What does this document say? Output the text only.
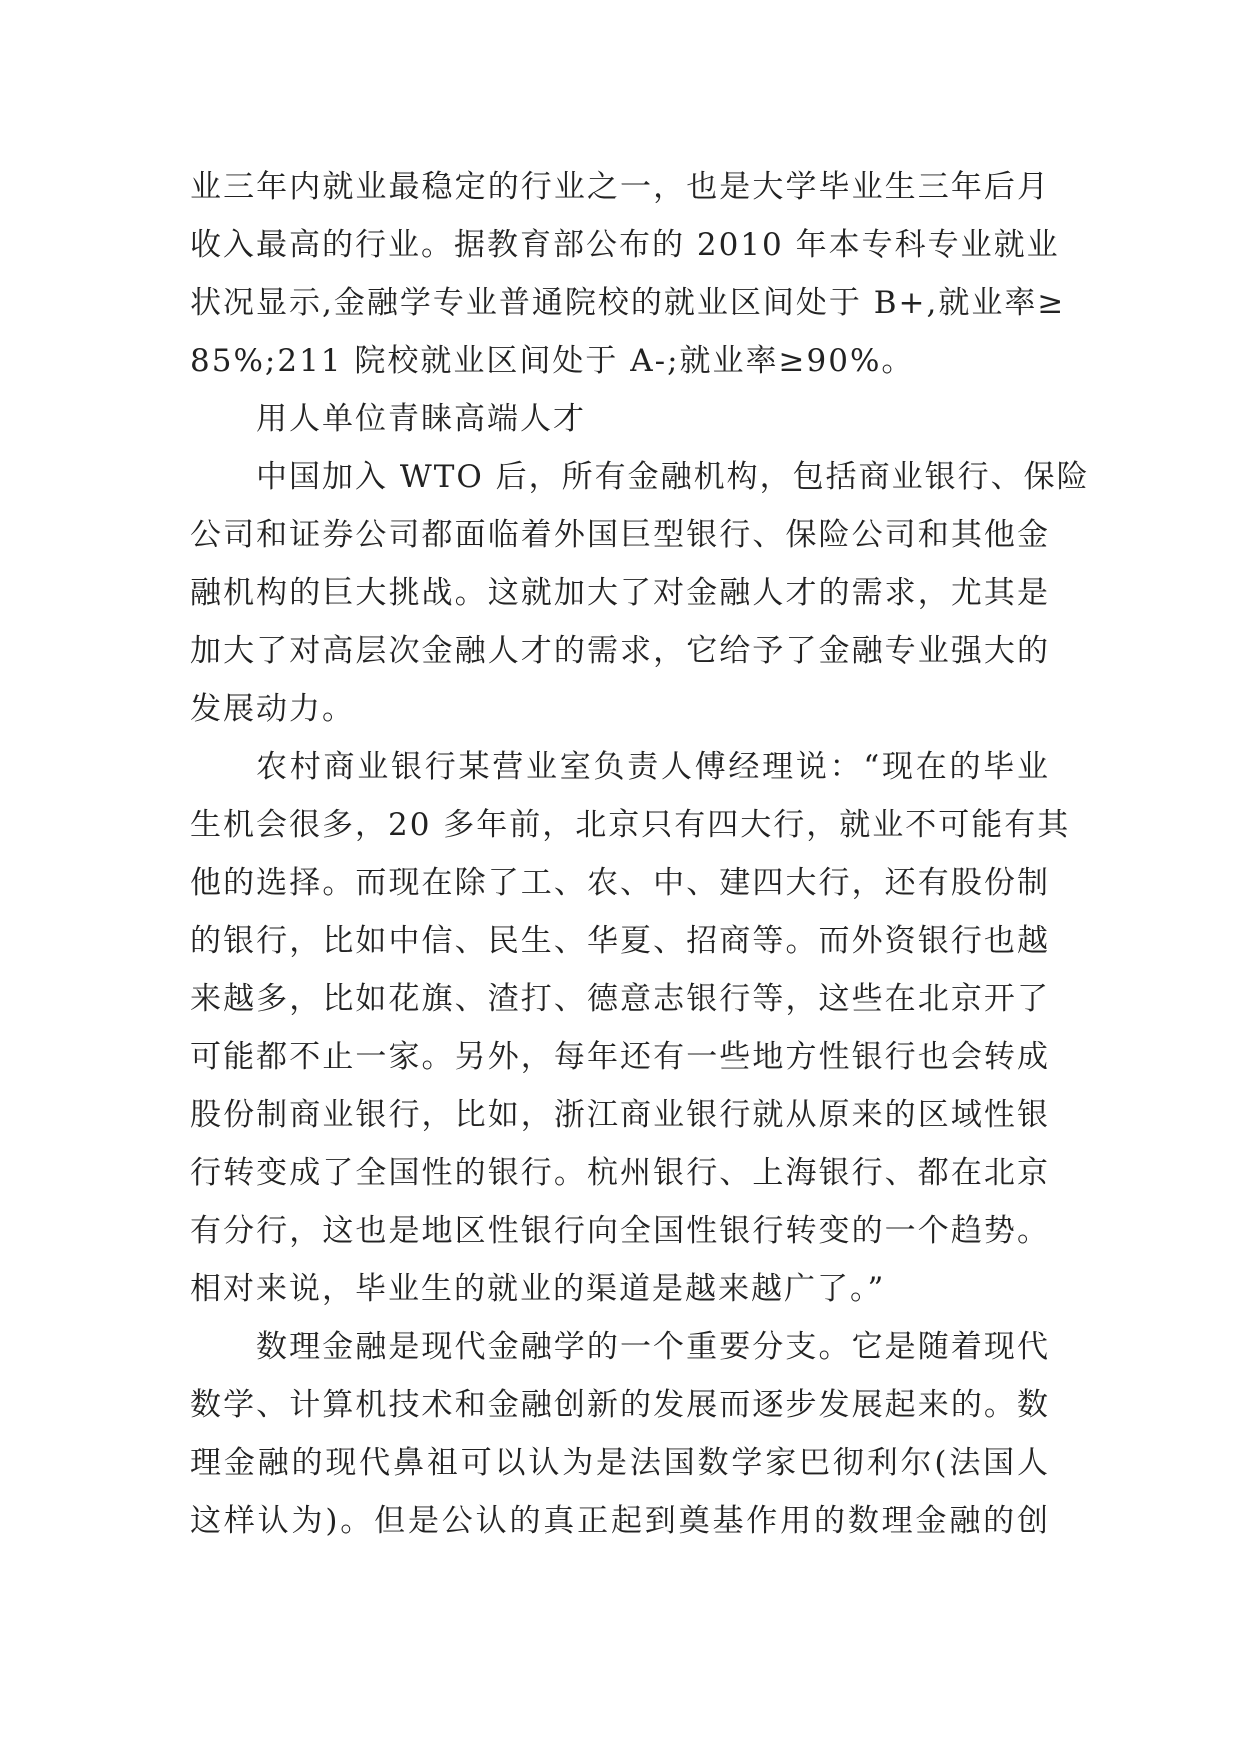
业三年内就业最稳定的行业之一，也是大学毕业生三年后月
收入最高的行业。据教育部公布的 2010 年本专科专业就业
状况显示,金融学专业普通院校的就业区间处于 B+,就业率≥
85%;211 院校就业区间处于 A-;就业率≥90%。
用人单位青睐高端人才
中国加入 WTO 后，所有金融机构，包括商业银行、保险
公司和证券公司都面临着外国巨型银行、保险公司和其他金
融机构的巨大挑战。这就加大了对金融人才的需求，尤其是
加大了对高层次金融人才的需求，它给予了金融专业强大的
发展动力。
农村商业银行某营业室负责人傅经理说：“现在的毕业
生机会很多，20 多年前，北京只有四大行，就业不可能有其
他的选择。而现在除了工、农、中、建四大行，还有股份制
的银行，比如中信、民生、华夏、招商等。而外资银行也越
来越多，比如花旗、渣打、德意志银行等，这些在北京开了
可能都不止一家。另外，每年还有一些地方性银行也会转成
股份制商业银行，比如，浙江商业银行就从原来的区域性银
行转变成了全国性的银行。杭州银行、上海银行、都在北京
有分行，这也是地区性银行向全国性银行转变的一个趋势。
相对来说，毕业生的就业的渠道是越来越广了。”
数理金融是现代金融学的一个重要分支。它是随着现代
数学、计算机技术和金融创新的发展而逐步发展起来的。数
理金融的现代鼻祖可以认为是法国数学家巴彻利尔(法国人
这样认为)。但是公认的真正起到奠基作用的数理金融的创
